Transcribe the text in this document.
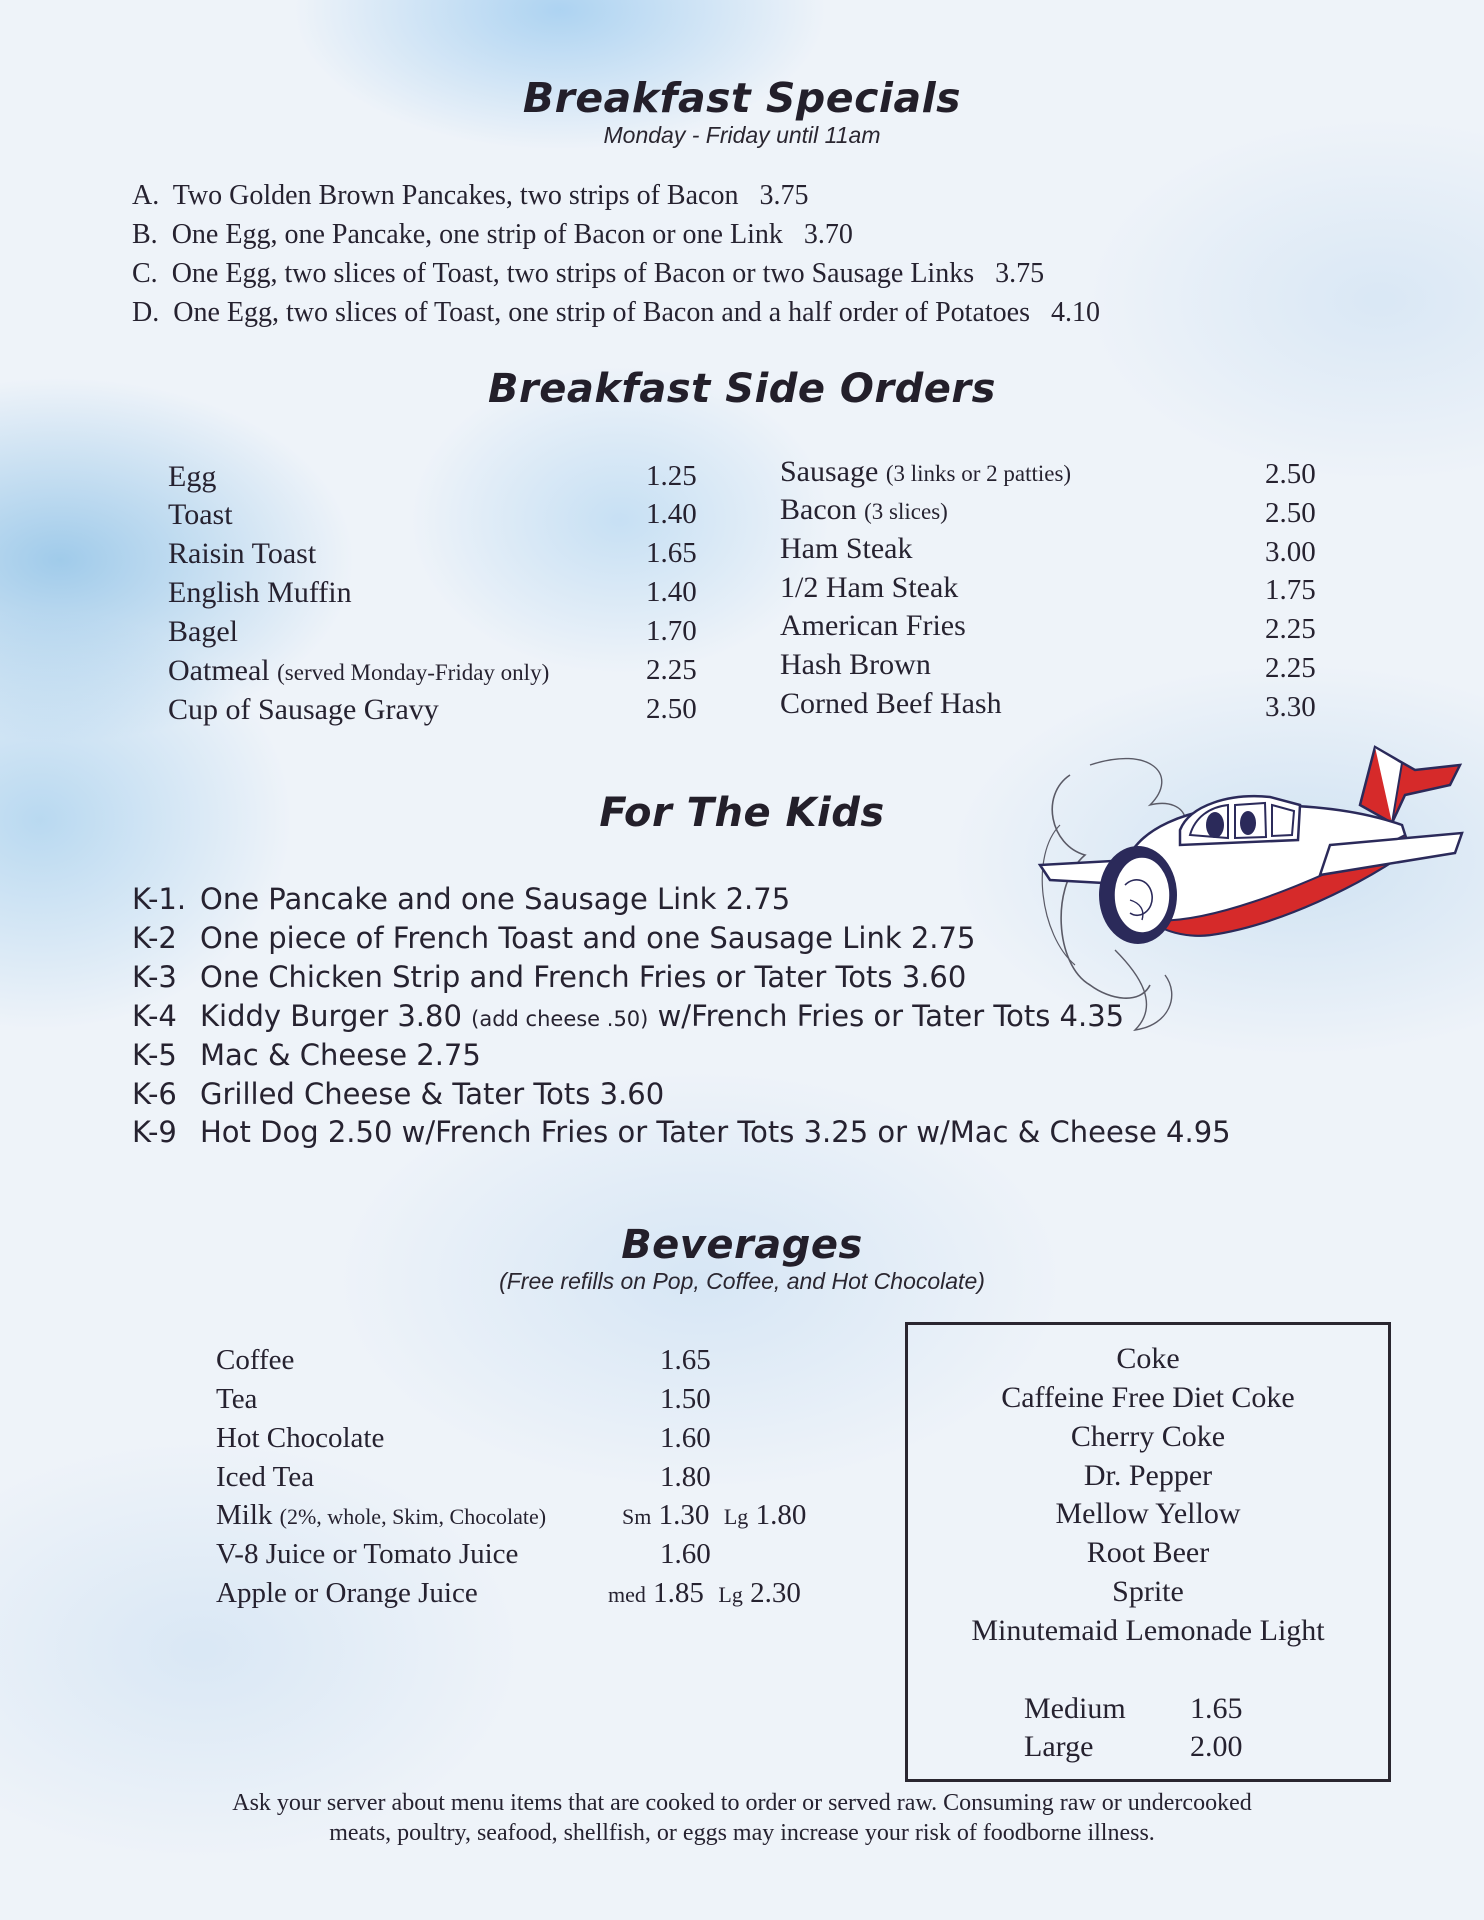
Breakfast Specials
Monday - Friday until 11am
A. Two Golden Brown Pancakes, two strips of Bacon 3.75
B. One Egg, one Pancake, one strip of Bacon or one Link 3.70
C. One Egg, two slices of Toast, two strips of Bacon or two Sausage Links 3.75
D. One Egg, two slices of Toast, one strip of Bacon and a half order of Potatoes 4.10
Breakfast Side Orders
Egg	1.25
Toast	1.40
Raisin Toast	1.65
English Muffin	1.40
Bagel	1.70
Oatmeal (served Monday-Friday only)	2.25
Cup of Sausage Gravy	2.50
Sausage (3 links or 2 patties)	2.50
Bacon (3 slices)	2.50
Ham Steak	3.00
1/2 Ham Steak	1.75
American Fries	2.25
Hash Brown	2.25
Corned Beef Hash	3.30
For The Kids
K-1. One Pancake and one Sausage Link 2.75
K-2 One piece of French Toast and one Sausage Link 2.75
K-3 One Chicken Strip and French Fries or Tater Tots 3.60
K-4 Kiddy Burger 3.80 (add cheese .50) w/French Fries or Tater Tots 4.35
K-5 Mac & Cheese 2.75
K-6 Grilled Cheese & Tater Tots 3.60
K-9 Hot Dog 2.50 w/French Fries or Tater Tots 3.25 or w/Mac & Cheese 4.95
Beverages
(Free refills on Pop, Coffee, and Hot Chocolate)
Coffee	1.65
Tea	1.50
Hot Chocolate	1.60
Iced Tea	1.80
Milk (2%, whole, Skim, Chocolate)	Sm 1.30 Lg 1.80
V-8 Juice or Tomato Juice	1.60
Apple or Orange Juice	med 1.85 Lg 2.30
Coke
Caffeine Free Diet Coke
Cherry Coke
Dr. Pepper
Mellow Yellow
Root Beer
Sprite
Minutemaid Lemonade Light
Medium 1.65
Large	2.00
Ask your server about menu items that are cooked to order or served raw. Consuming raw or undercooked
meats, poultry, seafood, shellfish, or eggs may increase your risk of foodborne illness.
